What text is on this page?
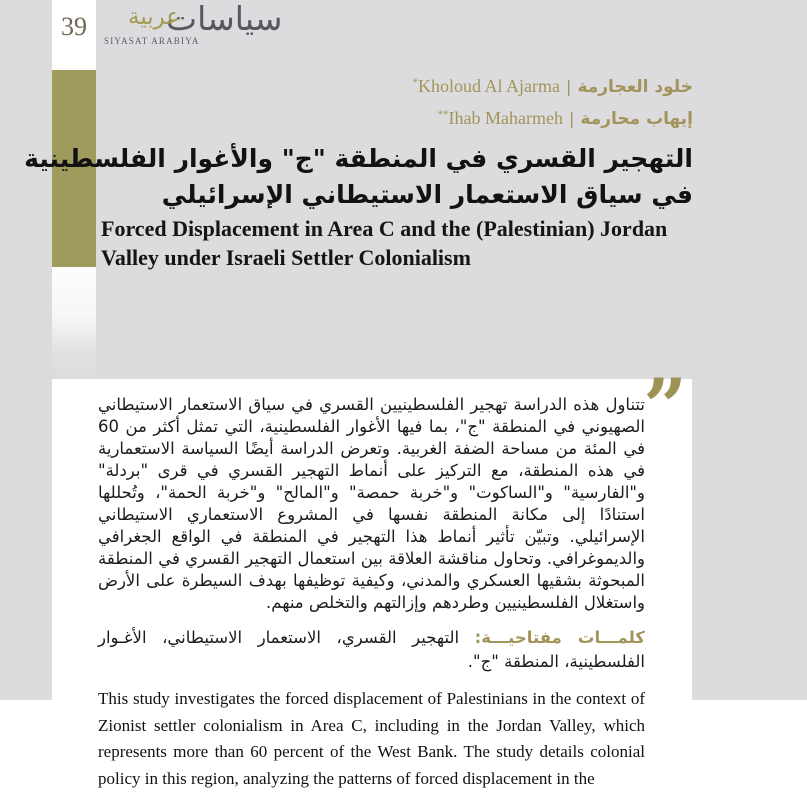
39 سياسات
عربية
SIYASAT ARABIYA
خلود العجارمة|Kholoud Al Ajarma*
إيهاب محارمة|Ihab Maharmeh**
التهجير القسري في المنطقة "ج" والأغوار الفلسطينية
في سياق الاستعمار الاستيطاني الإسرائيلي
Forced Displacement in Area C and the (Palestinian) Jordan
Valley under Israeli Settler Colonialism
”

تتناول هذه الدراسة تهجير الفلسطينيين القسري في سياق الاستعمار الاستيطاني الصهيوني في المنطقة "ج"، بما فيها الأغوار الفلسطينية، التي تمثل أكثر من 60 في المئة من مساحة الضفة الغربية. وتعرض الدراسة أيضًا السياسة الاستعمارية في هذه المنطقة، مع التركيز على أنماط التهجير القسري في قرى "بردلة" و"الفارسية" و"الساكوت" و"خربة حمصة" و"المالح" و"خربة الحمة"، وتُحللها استنادًا إلى مكانة المنطقة نفسها في المشروع الاستعماري الاستيطاني الإسرائيلي. وتبيّن تأثير أنماط هذا التهجير في المنطقة في الواقع الجغرافي والديموغرافي. وتحاول مناقشة العلاقة بين استعمال التهجير القسري في المنطقة المبحوثة بشقيها العسكري والمدني، وكيفية توظيفها بهدف السيطرة على الأرض واستغلال الفلسطينيين وطردهم وإزالتهم والتخلص منهم.

كلمـــات مفتاحيـــة: التهجير القسري، الاستعمار الاستيطاني، الأغـوار الفلسطينية، المنطقة "ج".

This study investigates the forced displacement of Palestinians in the context of Zionist settler colonialism in Area C, including in the Jordan Valley, which represents more than 60 percent of the West Bank. The study details colonial policy in this region, analyzing the patterns of forced displacement in the
